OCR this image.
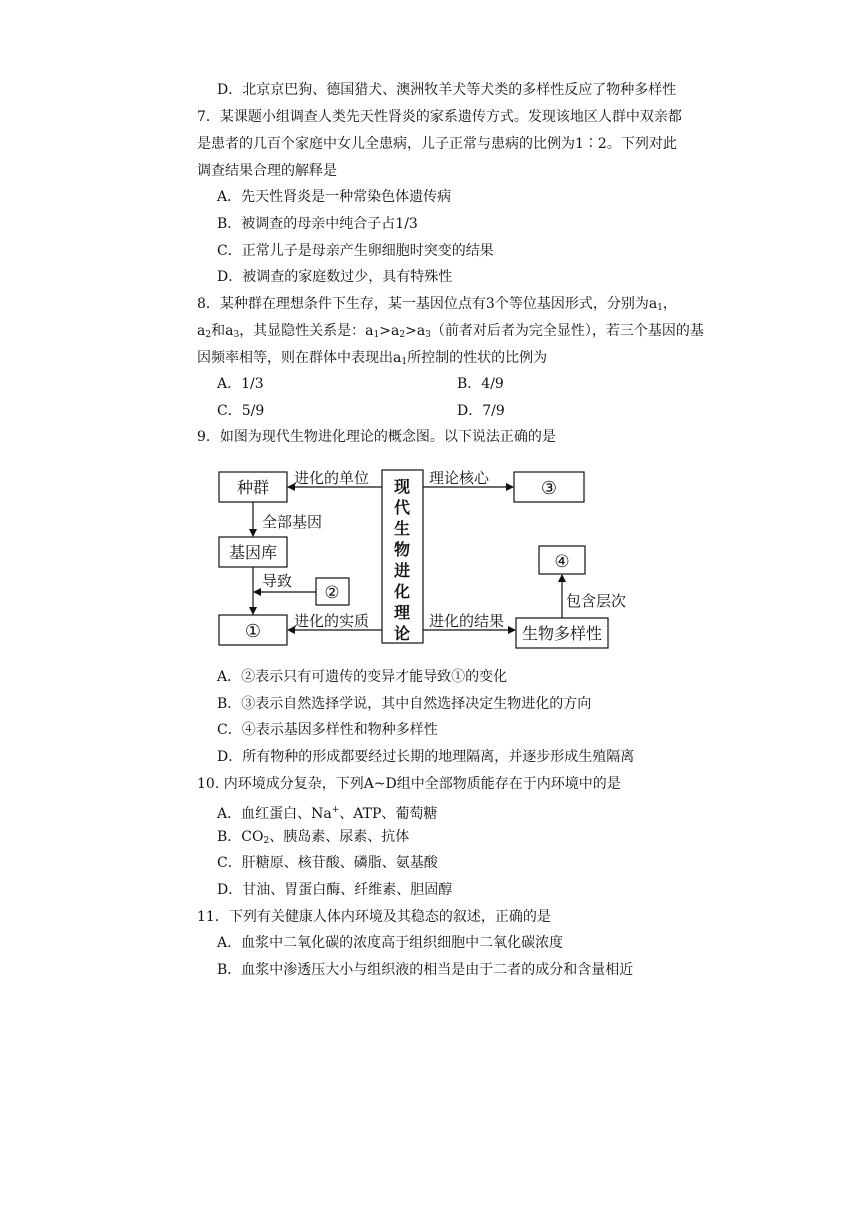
D．北京京巴狗、德国猎犬、澳洲牧羊犬等犬类的多样性反应了物种多样性
7．某课题小组调查人类先天性肾炎的家系遗传方式。发现该地区人群中双亲都
是患者的几百个家庭中女儿全患病，儿子正常与患病的比例为1∶2。下列对此
调查结果合理的解释是
A．先天性肾炎是一种常染色体遗传病
B．被调查的母亲中纯合子占1/3
C．正常儿子是母亲产生卵细胞时突变的结果
D．被调查的家庭数过少，具有特殊性
8．某种群在理想条件下生存，某一基因位点有3个等位基因形式，分别为$a_1$，
$a_2$和$a_3$，其显隐性关系是：$a_1>a_2>a_3$（前者对后者为完全显性），若三个基因的基
因频率相等，则在群体中表现出$a_1$所控制的性状的比例为
A．1/3	B．4/9
C．5/9	D．7/9
9．如图为现代生物进化理论的概念图。以下说法正确的是
种群
基因库
①
②
③
④
生物多样性
现
代
生
物
进
化
理
论
进化的单位
全部基因
导致
进化的实质
理论核心
进化的结果
包含层次
A．②表示只有可遗传的变异才能导致①的变化
B．③表示自然选择学说，其中自然选择决定生物进化的方向
C．④表示基因多样性和物种多样性
D．所有物种的形成都要经过长期的地理隔离，并逐步形成生殖隔离
10. 内环境成分复杂，下列A~D组中全部物质能存在于内环境中的是
A．血红蛋白、Na+、ATP、葡萄糖
B．$CO_2$、胰岛素、尿素、抗体
C．肝糖原、核苷酸、磷脂、氨基酸
D．甘油、胃蛋白酶、纤维素、胆固醇
11．下列有关健康人体内环境及其稳态的叙述，正确的是
A．血浆中二氧化碳的浓度高于组织细胞中二氧化碳浓度
B．血浆中渗透压大小与组织液的相当是由于二者的成分和含量相近
